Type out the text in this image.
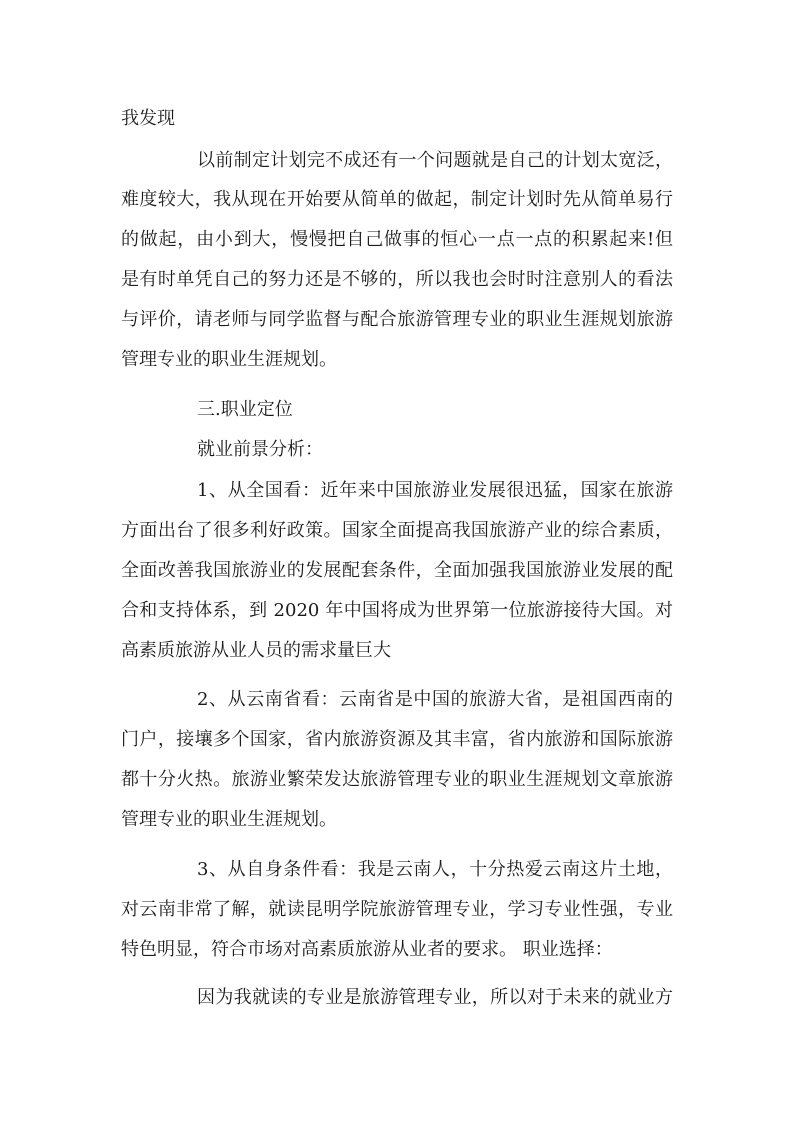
我发现
以前制定计划完不成还有一个问题就是自己的计划太宽泛，
难度较大，我从现在开始要从简单的做起，制定计划时先从简单易行
的做起，由小到大，慢慢把自己做事的恒心一点一点的积累起来!但
是有时单凭自己的努力还是不够的，所以我也会时时注意别人的看法
与评价，请老师与同学监督与配合旅游管理专业的职业生涯规划旅游
管理专业的职业生涯规划。
三.职业定位
就业前景分析：
1、从全国看：近年来中国旅游业发展很迅猛，国家在旅游
方面出台了很多利好政策。国家全面提高我国旅游产业的综合素质，
全面改善我国旅游业的发展配套条件，全面加强我国旅游业发展的配
合和支持体系，到 2020 年中国将成为世界第一位旅游接待大国。对
高素质旅游从业人员的需求量巨大
2、从云南省看：云南省是中国的旅游大省，是祖国西南的
门户，接壤多个国家，省内旅游资源及其丰富，省内旅游和国际旅游
都十分火热。旅游业繁荣发达旅游管理专业的职业生涯规划文章旅游
管理专业的职业生涯规划。
3、从自身条件看：我是云南人，十分热爱云南这片土地，
对云南非常了解，就读昆明学院旅游管理专业，学习专业性强，专业
特色明显，符合市场对高素质旅游从业者的要求。 职业选择：
因为我就读的专业是旅游管理专业，所以对于未来的就业方
